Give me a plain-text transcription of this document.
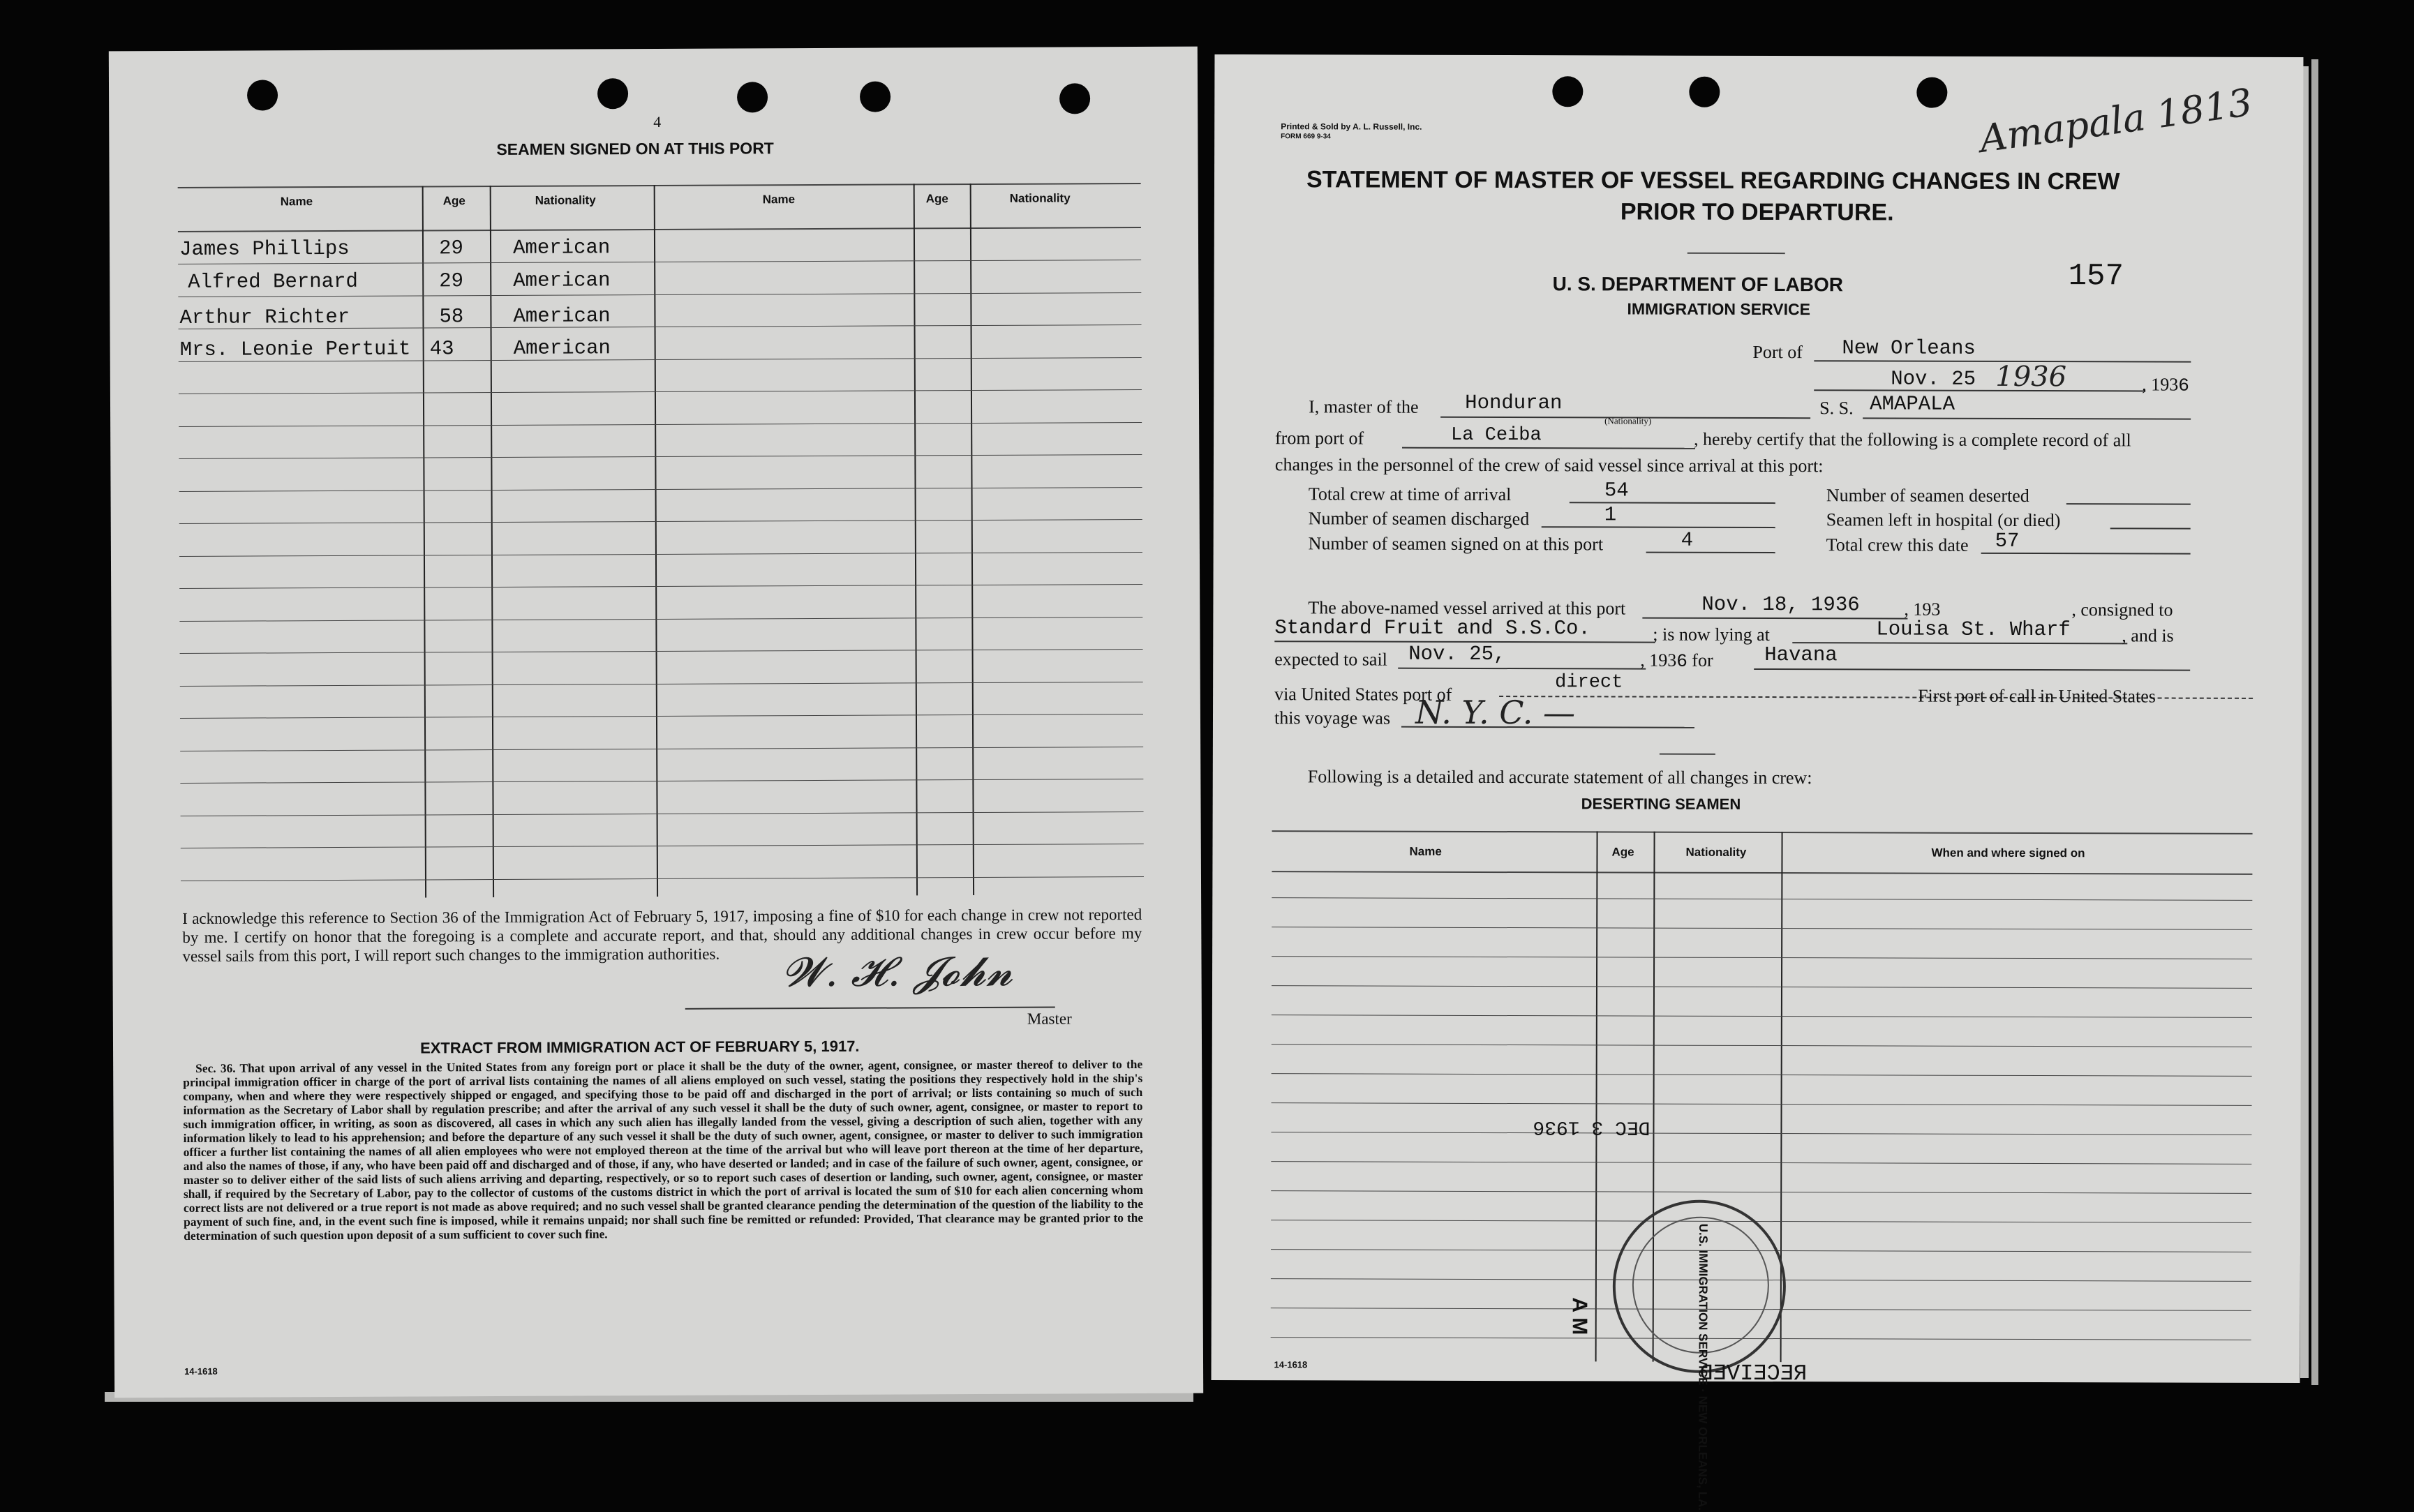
4
SEAMEN SIGNED ON AT THIS PORT
Name	Age	Nationality	Name	Age	Nationality
James Phillips	29 American
Alfred Bernard	29 American
Arthur Richter	58 American
Mrs. Leonie Pertuit 43	American
I acknowledge this reference to Section 36 of the Immigration Act of February 5, 1917, imposing a fine of $10 for each change in crew not reported by me. I certify on honor that the foregoing is a complete and accurate report, and that, should any additional changes in crew occur before my vessel sails from this port, I will report such changes to the immigration authorities.	𝓦. 𝓗. 𝓙𝓸𝓱𝓷
Master
EXTRACT FROM IMMIGRATION ACT OF FEBRUARY 5, 1917.
Sec. 36. That upon arrival of any vessel in the United States from any foreign port or place it shall be the duty of the owner, agent, consignee, or master thereof to deliver to the principal immigration officer in charge of the port of arrival lists containing the names of all aliens employed on such vessel, stating the positions they respectively hold in the ship's company, when and where they were respectively shipped or engaged, and specifying those to be paid off and discharged in the port of arrival; or lists containing so much of such information as the Secretary of Labor shall by regulation prescribe; and after the arrival of any such vessel it shall be the duty of such owner, agent, consignee, or master to report to such immigration officer, in writing, as soon as discovered, all cases in which any such alien has illegally landed from the vessel, giving a description of such alien, together with any information likely to lead to his apprehension; and before the departure of any such vessel it shall be the duty of such owner, agent, consignee, or master to deliver to such immigration officer a further list containing the names of all alien employees who were not employed thereon at the time of the arrival but who will leave port thereon at the time of her departure, and also the names of those, if any, who have been paid off and discharged and of those, if any, who have deserted or landed; and in case of the failure of such owner, agent, consignee, or master so to deliver either of the said lists of such aliens arriving and departing, respectively, or so to report such cases of desertion or landing, such owner, agent, consignee, or master shall, if required by the Secretary of Labor, pay to the collector of customs of the customs district in which the port of arrival is located the sum of $10 for each alien concerning whom correct lists are not delivered or a true report is not made as above required; and no such vessel shall be granted clearance pending the determination of the question of the liability to the payment of such fine, and, in the event such fine is imposed, while it remains unpaid; nor shall such fine be remitted or refunded: Provided, That clearance may be granted prior to the determination of such question upon deposit of a sum sufficient to cover such fine.
14-1618
Printed & Sold by A. L. Russell, Inc.
FORM 669 9-34	Amapala 1813
STATEMENT OF MASTER OF VESSEL REGARDING CHANGES IN CREW
PRIOR TO DEPARTURE.
U. S. DEPARTMENT OF LABOR
IMMIGRATION SERVICE
157
Port of New Orleans
Nov. 25 1936	, 1936
I, master of the Honduran
(Nationality)
S. S. AMAPALA
from port of	La Ceiba	, hereby certify that the following is a complete record of all
changes in the personnel of the crew of said vessel since arrival at this port:
Total crew at time of arrival	54
Number of seamen discharged	1
Number of seamen signed on at this port	4
Number of seamen deserted
Seamen left in hospital (or died)
Total crew this date 57
The above-named vessel arrived at this port	Nov. 18, 1936 , 193	, consigned to
Standard Fruit and S.S.Co.	; is now lying at	Louisa St. Wharf	, and is
expected to sail Nov. 25,	, 1936 for	Havana
via United States port of
direct
First port of call in United States
this voyage was N. Y. C. —
Following is a detailed and accurate statement of all changes in crew:
DESERTING SEAMEN
Name	Age	Nationality	When and where signed on
U.S. IMMIGRATION SERVICE · NEW ORLEANS, LA.
DEC 3 1936
A M
RECEIVED
14-1618
